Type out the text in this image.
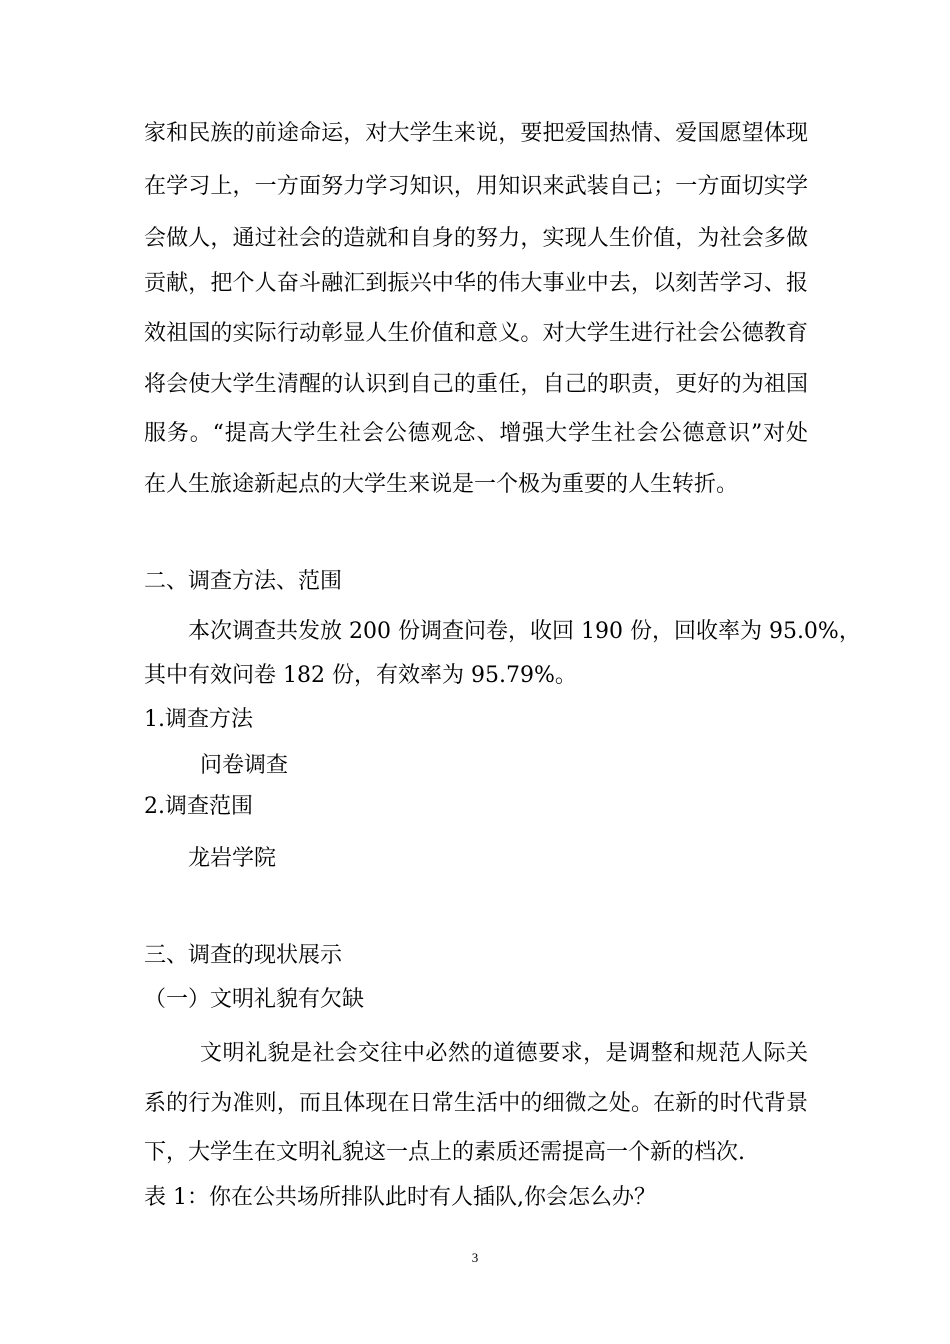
家和民族的前途命运，对大学生来说，要把爱国热情、爱国愿望体现
在学习上，一方面努力学习知识，用知识来武装自己；一方面切实学
会做人，通过社会的造就和自身的努力，实现人生价值，为社会多做
贡献，把个人奋斗融汇到振兴中华的伟大事业中去，以刻苦学习、报
效祖国的实际行动彰显人生价值和意义。对大学生进行社会公德教育
将会使大学生清醒的认识到自己的重任，自己的职责，更好的为祖国
服务。“提高大学生社会公德观念、增强大学生社会公德意识”对处
在人生旅途新起点的大学生来说是一个极为重要的人生转折。
二、调查方法、范围
本次调查共发放 200 份调查问卷，收回 190 份，回收率为 95.0%，
其中有效问卷 182 份，有效率为 95.79%。
1.调查方法
问卷调查
2.调查范围
龙岩学院
三、调查的现状展示
（一）文明礼貌有欠缺
文明礼貌是社会交往中必然的道德要求，是调整和规范人际关
系的行为准则，而且体现在日常生活中的细微之处。在新的时代背景
下，大学生在文明礼貌这一点上的素质还需提高一个新的档次.
表 1：你在公共场所排队此时有人插队,你会怎么办？
3
